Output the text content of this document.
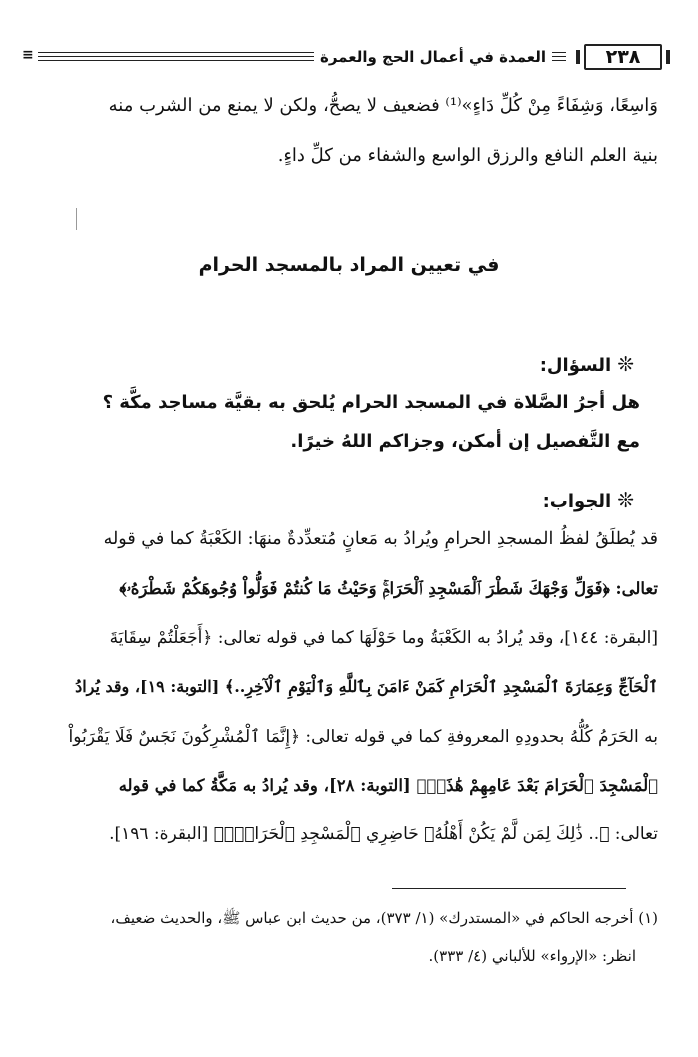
٢٣٨
العمدة في أعمال الحج والعمرة
≡
وَاسِعًا، وَشِفَاءً مِنْ كُلِّ دَاءٍ»⁽¹⁾ فضعيف لا يصحُّ، ولكن لا يمنع من الشرب منه
بنية العلم النافع والرزق الواسع والشفاء من كلِّ داءٍ.
في تعيين المراد بالمسجد الحرام
❊السؤال:
هل أجرُ الصَّلاة في المسجد الحرام يُلحق به بقيَّة مساجد مكَّة ؟
مع التَّفصيل إن أمكن، وجزاكم اللهُ خيرًا.
❊الجواب:
قد يُطلَقُ لفظُ المسجدِ الحرامِ ويُرادُ به مَعانٍ مُتعدِّدةٌ منهَا: الكَعْبَةُ كما في قوله
تعالى: ﴿فَوَلِّ وَجْهَكَ شَطْرَ ٱلْمَسْجِدِ ٱلْحَرَامِۚ وَحَيْثُ مَا كُنتُمْ فَوَلُّواْ وُجُوهَكُمْ شَطْرَهُۥ﴾
[البقرة: ١٤٤]، وقد يُرادُ به الكَعْبَةُ وما حَوْلَهَا كما في قوله تعالى: ﴿أَجَعَلْتُمْ سِقَايَةَ
ٱلْحَآجِّ وَعِمَارَةَ ٱلْمَسْجِدِ ٱلْحَرَامِ كَمَنْ ءَامَنَ بِٱللَّهِ وَٱلْيَوْمِ ٱلْآخِرِ..﴾ [التوبة: ١٩]، وقد يُرادُ
به الحَرَمُ كُلُّهُ بحدودِهِ المعروفةِ كما في قوله تعالى: ﴿إِنَّمَا ٱلْمُشْرِكُونَ نَجَسٌ فَلَا يَقْرَبُواْ
ٱلْمَسْجِدَ ٱلْحَرَامَ بَعْدَ عَامِهِمْ هَٰذَاۚ﴾ [التوبة: ٢٨]، وقد يُرادُ به مَكَّةُ كما في قوله
تعالى: ﴿.. ذَٰلِكَ لِمَن لَّمْ يَكُنْ أَهْلُهُۥ حَاضِرِي ٱلْمَسْجِدِ ٱلْحَرَامِۚ﴾ [البقرة: ١٩٦].
(١) أخرجه الحاكم في «المستدرك» (١/ ٣٧٣)، من حديث ابن عباس ﷺ، والحديث ضعيف،
انظر: «الإرواء» للألباني (٤/ ٣٣٣).
